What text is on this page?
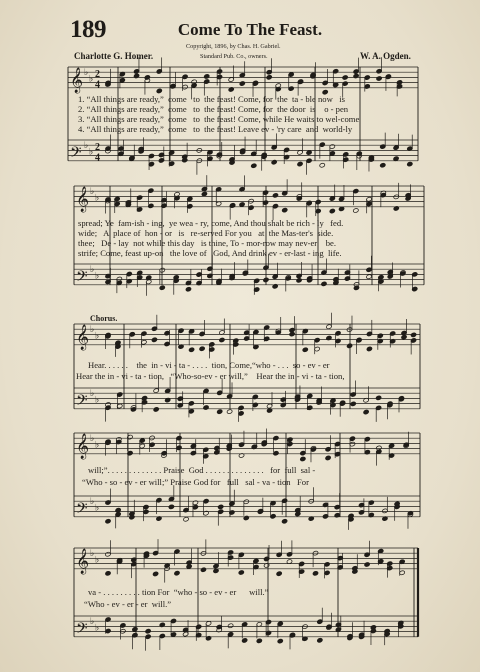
189	Come To The Feast.
Copyright, 1896, by Chas. H. Gabriel.
Standard Pub. Co., owners.
Charlotte G. Homer.	W. A. Ogden.
𝄞 ♭
♭ 2
4
𝄢 ♭
♭ 2
4
𝄞 ♭
♭
𝄢 ♭
♭
𝄞 ♭
♭
𝄢 ♭
♭
𝄞 ♭
♭
𝄢 ♭
♭
𝄞 ♭
♭
𝄢 ♭
♭
1. “All things are ready,”  come   to  the feast! Come, for  the  ta - ble now   is
2. “All things are ready,”  come   to  the feast! Come, for  the door  is    o - pen
3. “All things are ready,”  come   to  the feast! Come, while He waits to wel-come
4. “All things are ready,”  come   to  the feast! Leave ev - 'ry care  and  world-ly
spread; Ye  fam-ish - ing,  ye wea - ry, come, And thou shalt be rich - ly   fed.
wide;   A  place of  hon - or   is   re-served For you   at  the Mas-ter's  side.
thee;   De - lay  not while this day   is thine, To - mor-row may nev-er    be.
strife; Come, feast up-on   the love of   God, And drink ev - er-last - ing  life.
Chorus.
Hear. . . . . .    the  in - vi - ta - . . . .  tion, Come,“who - . . .  so - ev - er
Hear the in - vi - ta - tion,   “Who-so-ev - er will,”    Hear the in - vi - ta - tion,
will;”. . . . . . . . . . . . . Praise  God . . . . . . . . . . . . . .   for  full  sal -
“Who - so - ev - er will;” Praise God for   full   sal - va - tion   For
va - . . . . . . . . . tion For  “who - so - ev - er      will.”
“Who - ev - er - er  will.”
